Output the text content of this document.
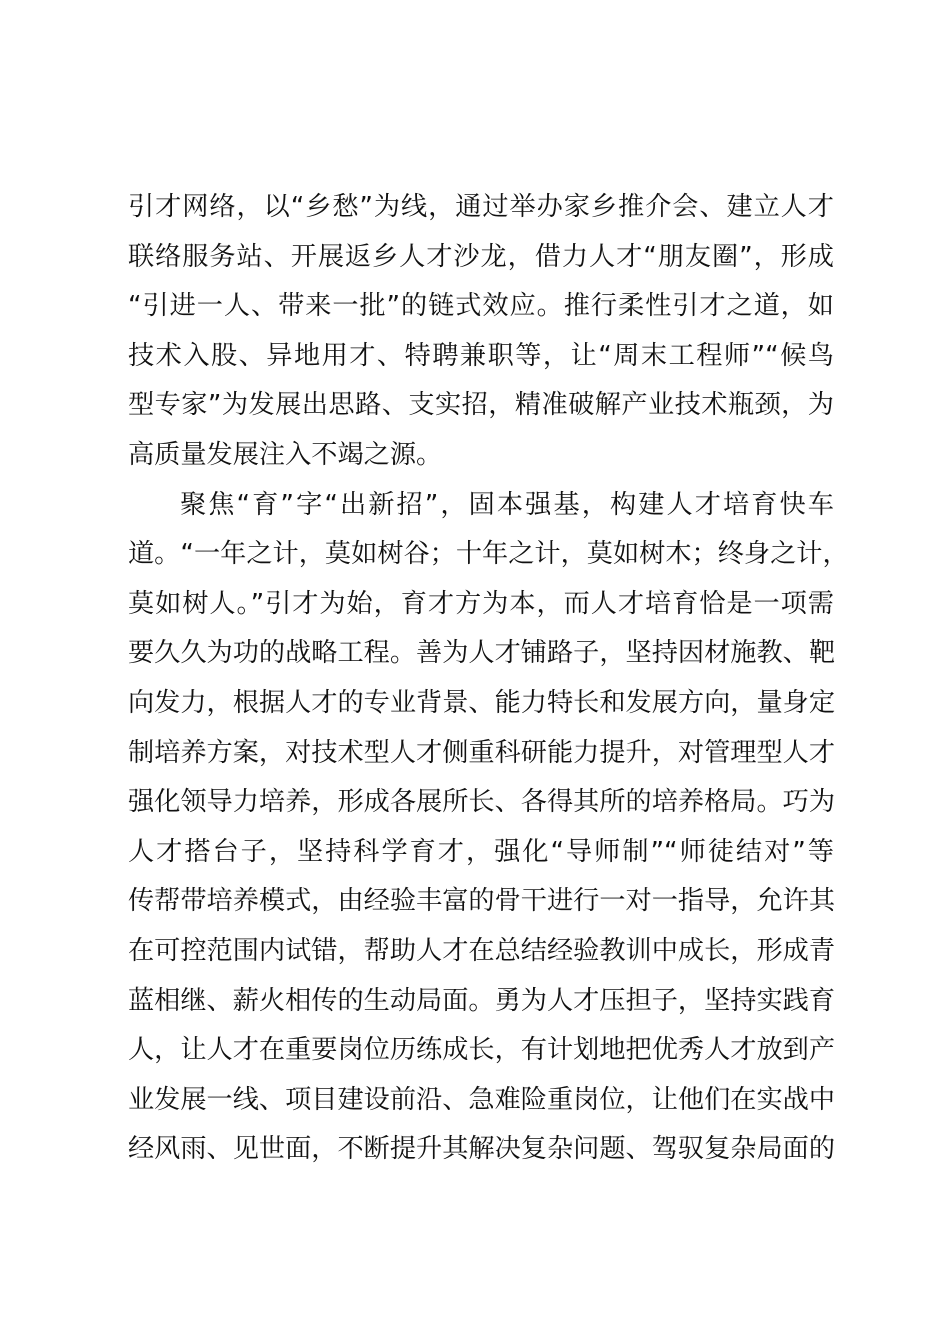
引才网络，以“乡愁”为线，通过举办家乡推介会、建立人才
联络服务站、开展返乡人才沙龙，借力人才“朋友圈”，形成
“引进一人、带来一批”的链式效应。推行柔性引才之道，如
技术入股、异地用才、特聘兼职等，让“周末工程师”“候鸟
型专家”为发展出思路、支实招，精准破解产业技术瓶颈，为
高质量发展注入不竭之源。
聚焦“育”字“出新招”，固本强基，构建人才培育快车
道。“一年之计，莫如树谷；十年之计，莫如树木；终身之计，
莫如树人。”引才为始，育才方为本，而人才培育恰是一项需
要久久为功的战略工程。善为人才铺路子，坚持因材施教、靶
向发力，根据人才的专业背景、能力特长和发展方向，量身定
制培养方案，对技术型人才侧重科研能力提升，对管理型人才
强化领导力培养，形成各展所长、各得其所的培养格局。巧为
人才搭台子，坚持科学育才，强化“导师制”“师徒结对”等
传帮带培养模式，由经验丰富的骨干进行一对一指导，允许其
在可控范围内试错，帮助人才在总结经验教训中成长，形成青
蓝相继、薪火相传的生动局面。勇为人才压担子，坚持实践育
人，让人才在重要岗位历练成长，有计划地把优秀人才放到产
业发展一线、项目建设前沿、急难险重岗位，让他们在实战中
经风雨、见世面，不断提升其解决复杂问题、驾驭复杂局面的
